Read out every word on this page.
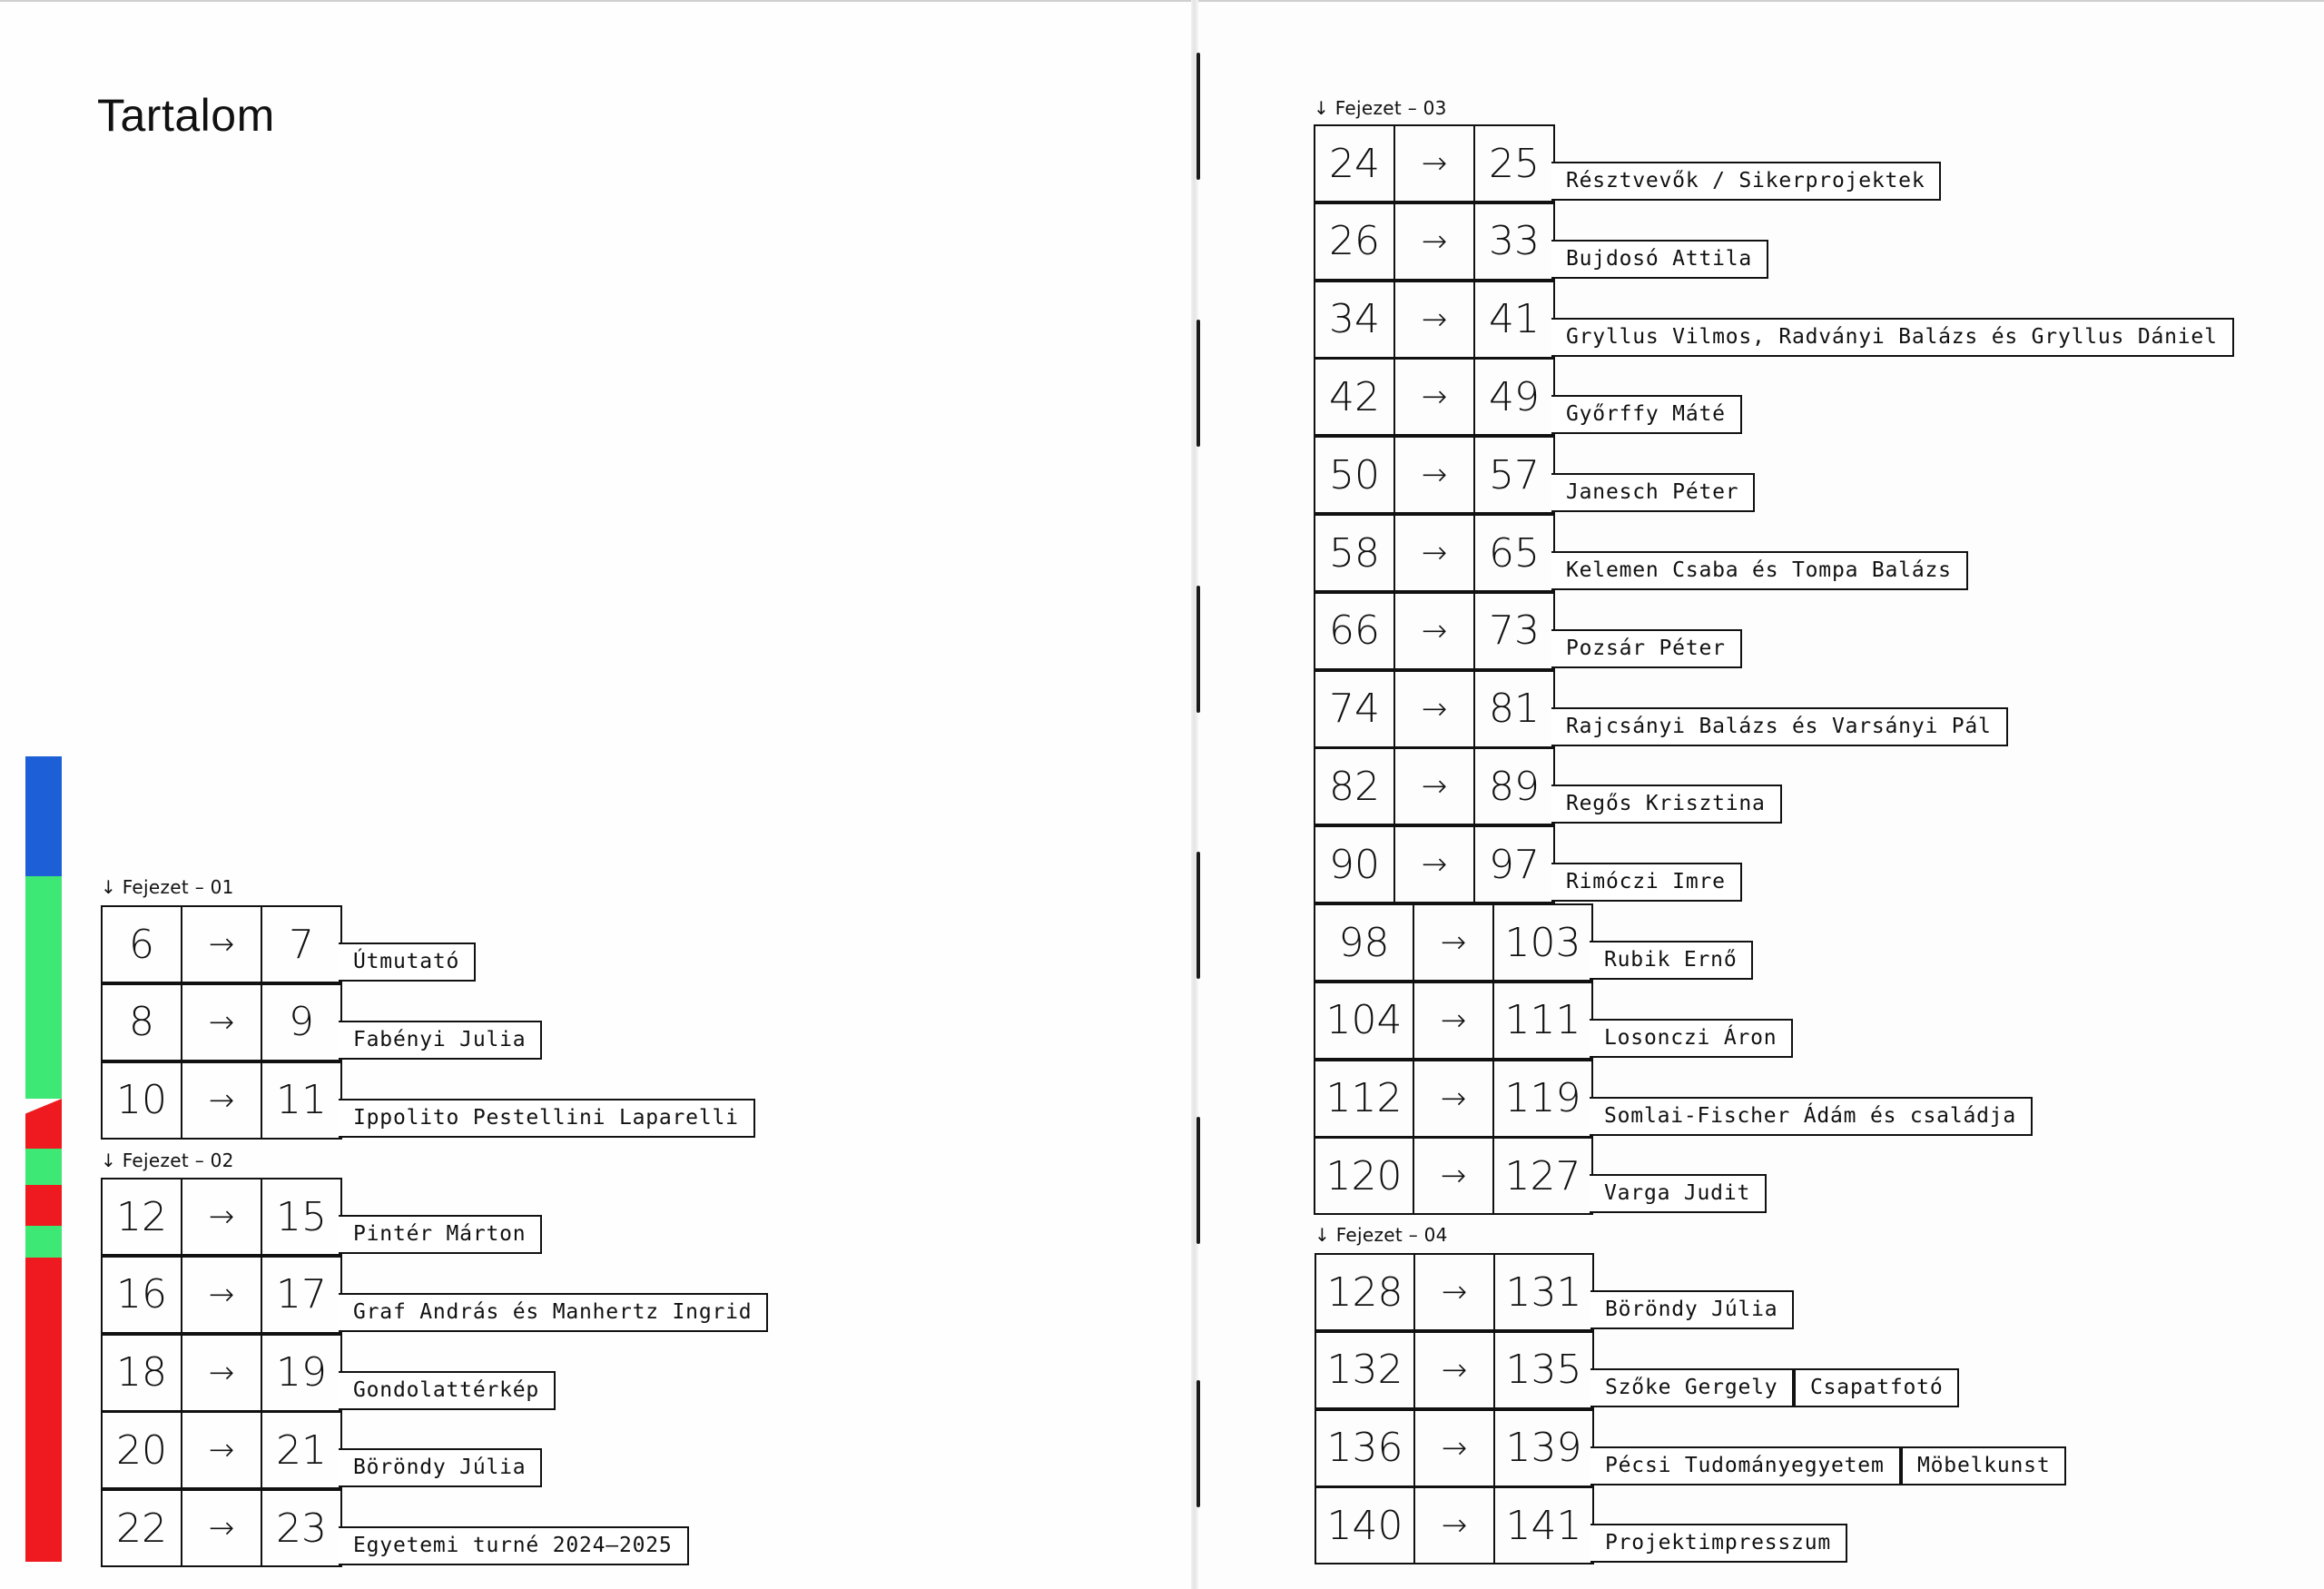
Tartalom
↓ Fejezet – 01
6	→	7	Útmutató
8	→	9	Fabényi Julia
10	→	11	Ippolito Pestellini Laparelli
↓ Fejezet – 02
12	→	15	Pintér Márton
16	→	17	Graf András és Manhertz Ingrid
18	→	19	Gondolattérkép
20	→	21	Böröndy Júlia
22	→	23	Egyetemi turné 2024–2025
↓ Fejezet – 03
24	→	25	Résztvevők / Sikerprojektek
26	→	33	Bujdosó Attila
34	→	41	Gryllus Vilmos, Radványi Balázs és Gryllus Dániel
42	→	49	Győrffy Máté
50	→	57	Janesch Péter
58	→	65	Kelemen Csaba és Tompa Balázs
66	→	73	Pozsár Péter
74	→	81	Rajcsányi Balázs és Varsányi Pál
82	→	89	Regős Krisztina
90	→	97	Rimóczi Imre
98	→	103	Rubik Ernő
104	→	111	Losonczi Áron
112	→	119	Somlai-Fischer Ádám és családja
120	→	127	Varga Judit
↓ Fejezet – 04
128	→	131	Böröndy Júlia
132	→	135	Szőke Gergely	Csapatfotó
136	→	139	Pécsi Tudományegyetem	Möbelkunst
140	→	141	Projektimpresszum
